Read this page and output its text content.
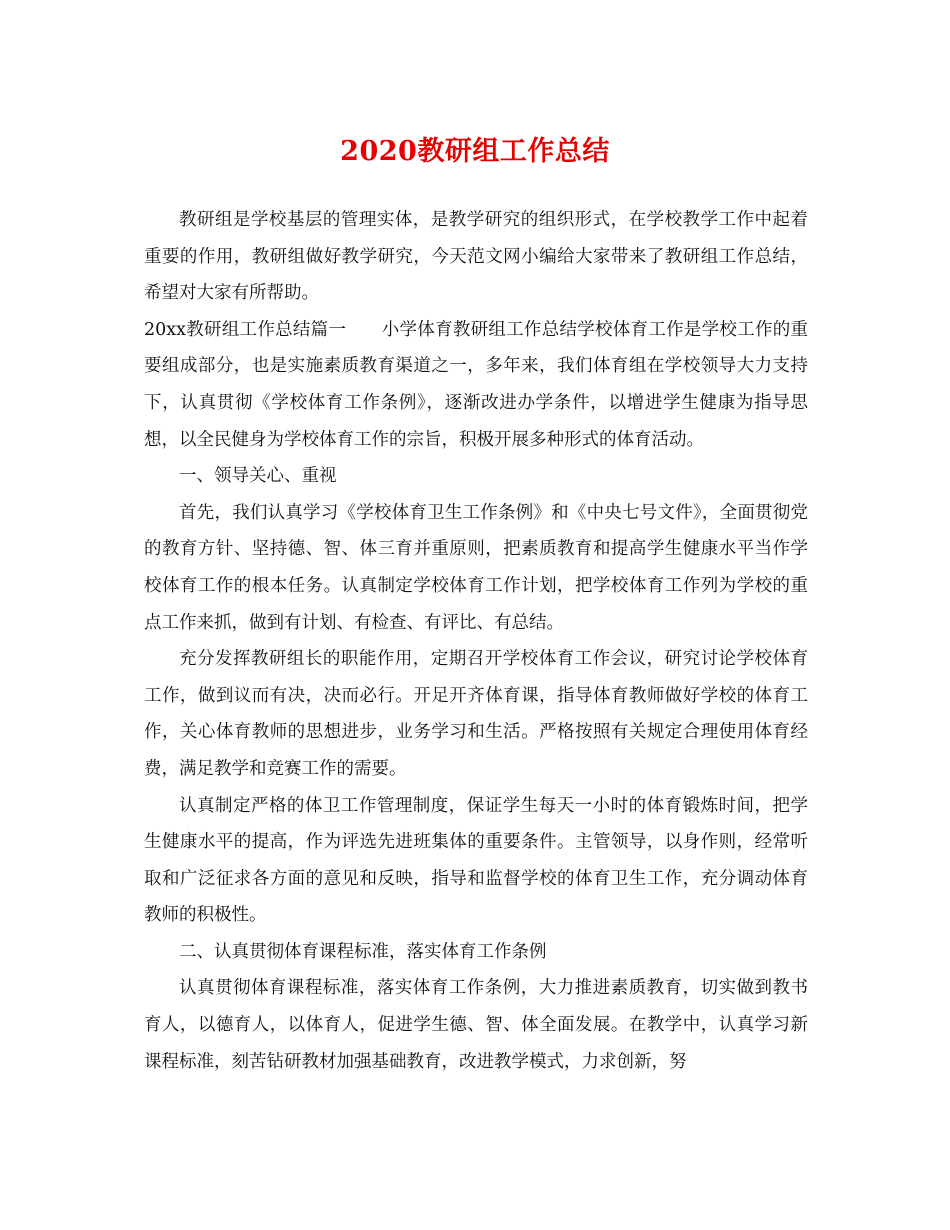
2020教研组工作总结

教研组是学校基层的管理实体，是教学研究的组织形式，在学校教学工作中起着重要的作用，教研组做好教学研究，今天范文网小编给大家带来了教研组工作总结，希望对大家有所帮助。

20xx教研组工作总结篇一　　小学体育教研组工作总结学校体育工作是学校工作的重要组成部分，也是实施素质教育渠道之一，多年来，我们体育组在学校领导大力支持下，认真贯彻《学校体育工作条例》，逐渐改进办学条件，以增进学生健康为指导思想，以全民健身为学校体育工作的宗旨，积极开展多种形式的体育活动。

一、领导关心、重视

首先，我们认真学习《学校体育卫生工作条例》和《中央七号文件》，全面贯彻党的教育方针、坚持德、智、体三育并重原则，把素质教育和提高学生健康水平当作学校体育工作的根本任务。认真制定学校体育工作计划，把学校体育工作列为学校的重点工作来抓，做到有计划、有检查、有评比、有总结。

充分发挥教研组长的职能作用，定期召开学校体育工作会议，研究讨论学校体育工作，做到议而有决，决而必行。开足开齐体育课，指导体育教师做好学校的体育工作，关心体育教师的思想进步，业务学习和生活。严格按照有关规定合理使用体育经费，满足教学和竞赛工作的需要。

认真制定严格的体卫工作管理制度，保证学生每天一小时的体育锻炼时间，把学生健康水平的提高，作为评选先进班集体的重要条件。主管领导，以身作则，经常听取和广泛征求各方面的意见和反映，指导和监督学校的体育卫生工作，充分调动体育教师的积极性。

二、认真贯彻体育课程标准，落实体育工作条例

认真贯彻体育课程标准，落实体育工作条例，大力推进素质教育，切实做到教书育人，以德育人，以体育人，促进学生德、智、体全面发展。在教学中，认真学习新课程标准，刻苦钻研教材加强基础教育，改进教学模式，力求创新，努
